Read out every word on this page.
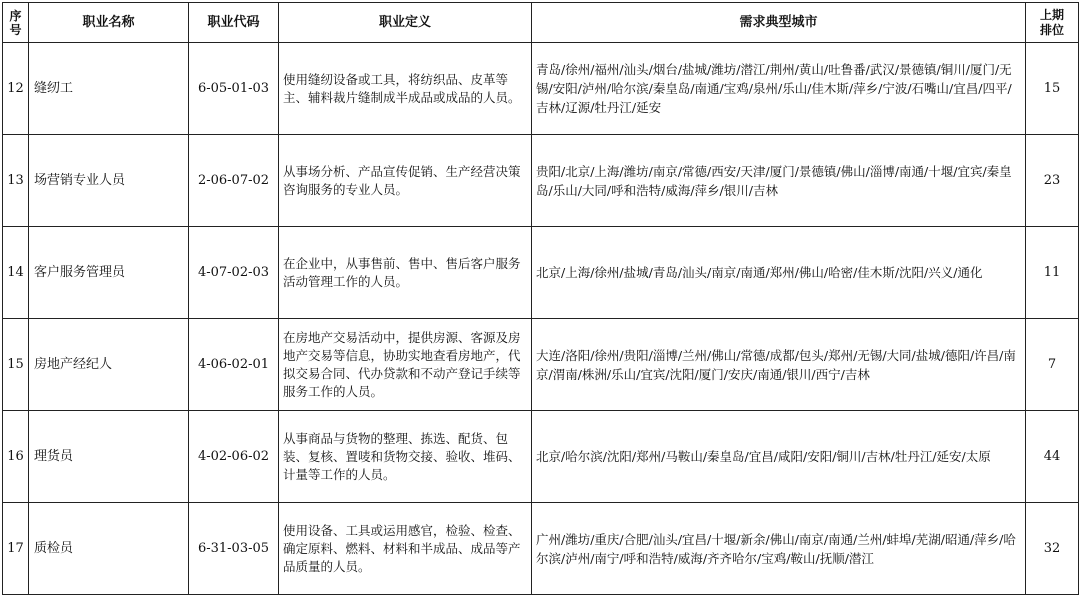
序号	职业名称	职业代码	职业定义	需求典型城市	上期排位
12	缝纫工	6-05-01-03	使用缝纫设备或工具，将纺织品、皮革等主、辅料裁片缝制成半成品或成品的人员。	青岛/徐州/福州/汕头/烟台/盐城/潍坊/潜江/荆州/黄山/吐鲁番/武汉/景德镇/铜川/厦门/无锡/安阳/泸州/哈尔滨/秦皇岛/南通/宝鸡/泉州/乐山/佳木斯/萍乡/宁波/石嘴山/宜昌/四平/吉林/辽源/牡丹江/延安	15
13	场营销专业人员	2-06-07-02	从事场分析、产品宣传促销、生产经营决策咨询服务的专业人员。	贵阳/北京/上海/潍坊/南京/常德/西安/天津/厦门/景德镇/佛山/淄博/南通/十堰/宜宾/秦皇岛/乐山/大同/呼和浩特/威海/萍乡/银川/吉林	23
14	客户服务管理员	4-07-02-03	在企业中，从事售前、售中、售后客户服务活动管理工作的人员。	北京/上海/徐州/盐城/青岛/汕头/南京/南通/郑州/佛山/哈密/佳木斯/沈阳/兴义/通化	11
15	房地产经纪人	4-06-02-01	在房地产交易活动中，提供房源、客源及房地产交易等信息，协助实地查看房地产，代拟交易合同、代办贷款和不动产登记手续等服务工作的人员。	大连/洛阳/徐州/贵阳/淄博/兰州/佛山/常德/成都/包头/郑州/无锡/大同/盐城/德阳/许昌/南京/渭南/株洲/乐山/宜宾/沈阳/厦门/安庆/南通/银川/西宁/吉林	7
16	理货员	4-02-06-02	从事商品与货物的整理、拣选、配货、包装、复核、置唛和货物交接、验收、堆码、计量等工作的人员。	北京/哈尔滨/沈阳/郑州/马鞍山/秦皇岛/宜昌/咸阳/安阳/铜川/吉林/牡丹江/延安/太原	44
17	质检员	6-31-03-05	使用设备、工具或运用感官，检验、检查、确定原料、燃料、材料和半成品、成品等产品质量的人员。	广州/潍坊/重庆/合肥/汕头/宜昌/十堰/新余/佛山/南京/南通/兰州/蚌埠/芜湖/昭通/萍乡/哈尔滨/泸州/南宁/呼和浩特/威海/齐齐哈尔/宝鸡/鞍山/抚顺/潜江	32
